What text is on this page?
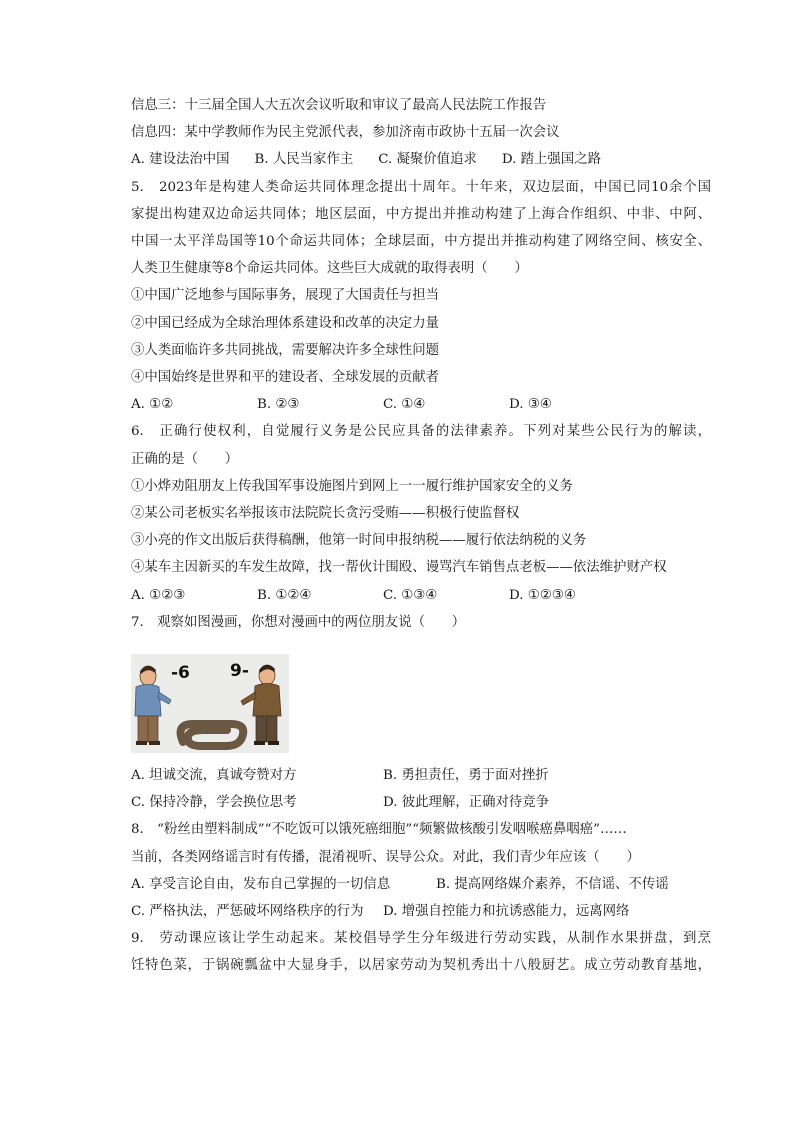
信息三：十三届全国人大五次会议听取和审议了最高人民法院工作报告
信息四：某中学教师作为民主党派代表，参加济南市政协十五届一次会议
A. 建设法治中国 B. 人民当家作主 C. 凝聚价值追求 D. 踏上强国之路
5.　2023年是构建人类命运共同体理念提出十周年。十年来，双边层面，中国已同10余个国
家提出构建双边命运共同体；地区层面，中方提出并推动构建了上海合作组织、中非、中阿、
中国一太平洋岛国等10个命运共同体；全球层面，中方提出并推动构建了网络空间、核安全、
人类卫生健康等8个命运共同体。这些巨大成就的取得表明（　　）
①中国广泛地参与国际事务，展现了大国责任与担当
②中国已经成为全球治理体系建设和改革的决定力量
③人类面临许多共同挑战，需要解决许多全球性问题
④中国始终是世界和平的建设者、全球发展的贡献者
A. ①②	B. ②③	C. ①④	D. ③④
6.　正确行使权利，自觉履行义务是公民应具备的法律素养。下列对某些公民行为的解读，
正确的是（　　）
①小烨劝阻朋友上传我国军事设施图片到网上一一履行维护国家安全的义务
②某公司老板实名举报该市法院院长贪污受贿——积极行使监督权
③小亮的作文出版后获得稿酬，他第一时间申报纳税——履行依法纳税的义务
④某车主因新买的车发生故障，找一帮伙计围殴、谩骂汽车销售点老板——依法维护财产权
A. ①②③	B. ①②④	C. ①③④	D. ①②③④
7.　观察如图漫画，你想对漫画中的两位朋友说（　　）
-6 9-
A. 坦诚交流，真诚夸赞对方	B. 勇担责任，勇于面对挫折
C. 保持冷静，学会换位思考	D. 彼此理解，正确对待竞争
8.　“粉丝由塑料制成”“不吃饭可以饿死癌细胞”“频繁做核酸引发咽喉癌鼻咽癌”……
当前，各类网络谣言时有传播，混淆视听、误导公众。对此，我们青少年应该（　　）
A. 享受言论自由，发布自己掌握的一切信息	B. 提高网络媒介素养，不信谣、不传谣
C. 严格执法，严惩破坏网络秩序的行为	D. 增强自控能力和抗诱惑能力，远离网络
9.　劳动课应该让学生动起来。某校倡导学生分年级进行劳动实践，从制作水果拼盘，到烹
饪特色菜，于锅碗瓢盆中大显身手，以居家劳动为契机秀出十八般厨艺。成立劳动教育基地，
